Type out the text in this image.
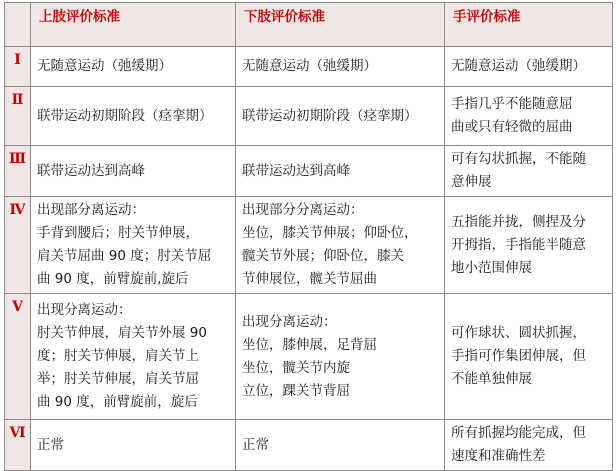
	上肢评价标准	下肢评价标准	手评价标准
Ⅰ	无随意运动（弛缓期）	无随意运动（弛缓期）	无随意运动（弛缓期）

Ⅱ	联带运动初期阶段（痉挛期）	联带运动初期阶段（痉挛期）	手指几乎不能随意屈
曲或只有轻微的屈曲

Ⅲ	联带运动达到高峰	联带运动达到高峰	可有勾状抓握，不能随
意伸展

Ⅳ	出现部分离运动：
手背到腰后；肘关节伸展，
肩关节屈曲 90 度；肘关节屈
曲 90 度，前臂旋前,旋后	出现部分分离运动：
坐位，膝关节伸展；仰卧位，
髋关节外展；仰卧位，膝关
节伸展位，髋关节屈曲	五指能并拢，侧捏及分
开拇指，手指能半随意
地小范围伸展

Ⅴ	出现分离运动：
肘关节伸展，肩关节外展 90
度；肘关节伸展，肩关节上
举；肘关节伸展，肩关节屈
曲 90 度，前臂旋前，旋后	出现分离运动：
坐位，膝伸展，足背屈
坐位，髋关节内旋
立位，踝关节背屈	可作球状、圆状抓握，
手指可作集团伸展，但
不能单独伸展

Ⅵ	正常	正常	所有抓握均能完成，但
速度和准确性差
